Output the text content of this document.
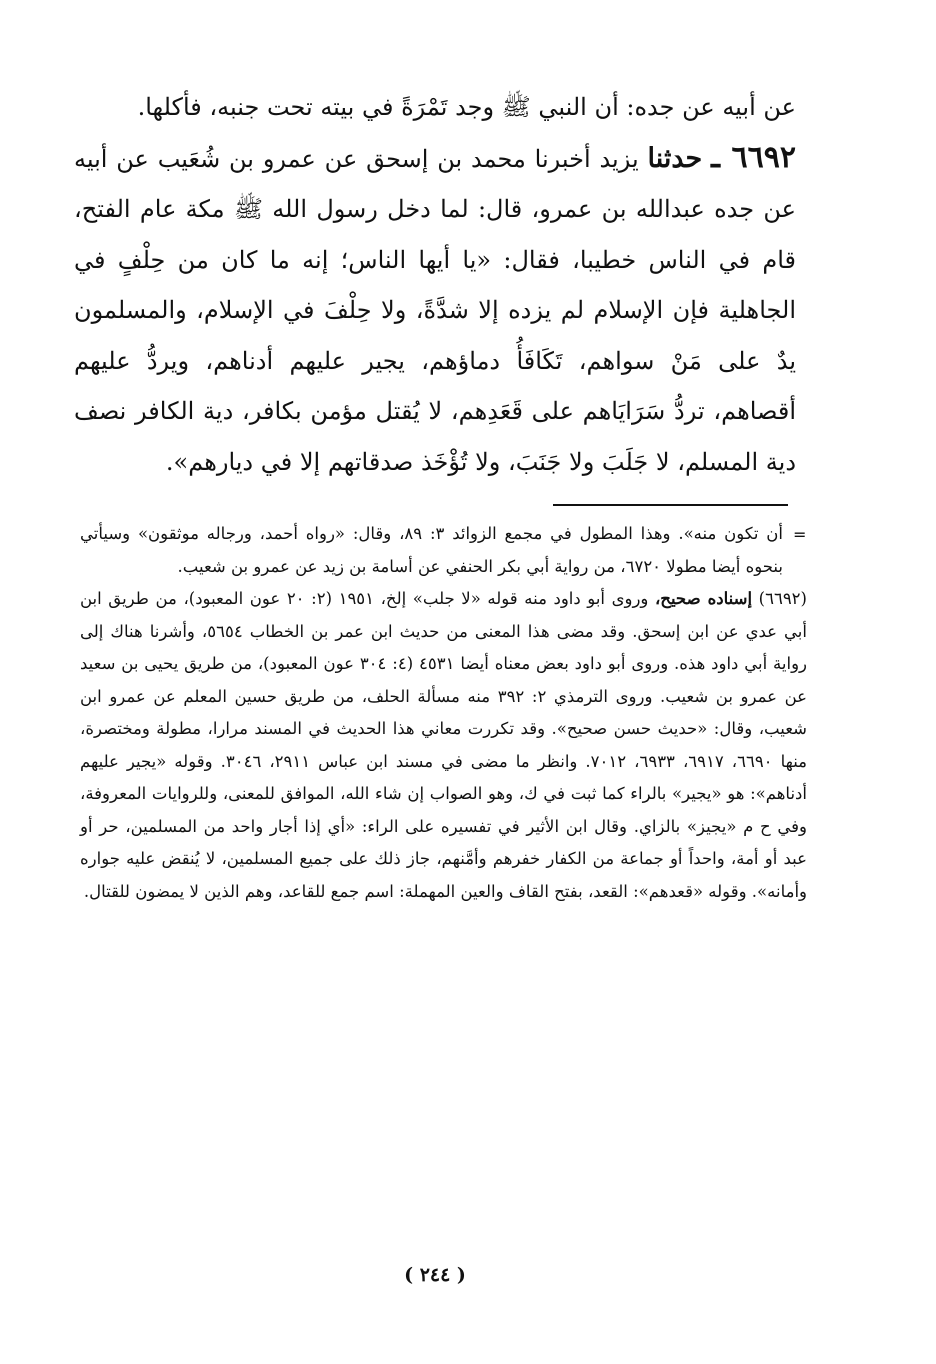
عن أبيه عن جده: أن النبي ﷺ وجد تَمْرَةً في بيته تحت جنبه، فأكلها.

٦٦٩٢ ـ حدثنا يزيد أخبرنا محمد بن إسحق عن عمرو بن شُعَيب عن أبيه عن جده عبدالله بن عمرو، قال: لما دخل رسول الله ﷺ مكة عام الفتح، قام في الناس خطيبا، فقال: «يا أيها الناس؛ إنه ما كان من حِلْفٍ في الجاهلية فإن الإسلام لم يزده إلا شدَّةً، ولا حِلْفَ في الإسلام، والمسلمون يدٌ على مَنْ سواهم، تَكَافَأُ دماؤهم، يجير عليهم أدناهم، ويردُّ عليهم أقصاهم، تردُّ سَرَايَاهم على قَعَدِهم، لا يُقتل مؤمن بكافر، دية الكافر نصف دية المسلم، لا جَلَبَ ولا جَنَبَ، ولا تُؤْخَذ صدقاتهم إلا في ديارهم».

=

أن تكون منه». وهذا المطول في مجمع الزوائد ٣: ٨٩، وقال: «رواه أحمد، ورجاله موثقون» وسيأتي بنحوه أيضا مطولا ٦٧٢٠، من رواية أبي بكر الحنفي عن أسامة بن زيد عن عمرو بن شعيب.

(٦٦٩٢) إسناده صحيح، وروى أبو داود منه قوله «لا جلب» إلخ، ١٩٥١ (٢: ٢٠ عون المعبود)، من طريق ابن أبي عدي عن ابن إسحق. وقد مضى هذا المعنى من حديث ابن عمر بن الخطاب ٥٦٥٤، وأشرنا هناك إلى رواية أبي داود هذه. وروى أبو داود بعض معناه أيضا ٤٥٣١ (٤: ٣٠٤ عون المعبود)، من طريق يحيى بن سعيد عن عمرو بن شعيب. وروى الترمذي ٢: ٣٩٢ منه مسألة الحلف، من طريق حسين المعلم عن عمرو ابن شعيب، وقال: «حديث حسن صحيح». وقد تكررت معاني هذا الحديث في المسند مرارا، مطولة ومختصرة، منها ٦٦٩٠، ٦٩١٧، ٦٩٣٣، ٧٠١٢. وانظر ما مضى في مسند ابن عباس ٢٩١١، ٣٠٤٦. وقوله «يجير عليهم أدناهم»: هو «يجير» بالراء كما ثبت في ك، وهو الصواب إن شاء الله، الموافق للمعنى، وللروايات المعروفة، وفي ح م «يجيز» بالزاي. وقال ابن الأثير في تفسيره على الراء: «أي إذا أجار واحد من المسلمين، حر أو عبد أو أمة، واحداً أو جماعة من الكفار خفرهم وأمَّنهم، جاز ذلك على جميع المسلمين، لا يُنقض عليه جواره وأمانه». وقوله «قعدهم»: القعد، بفتح القاف والعين المهملة: اسم جمع للقاعد، وهم الذين لا يمضون للقتال.

( ٢٤٤ )
